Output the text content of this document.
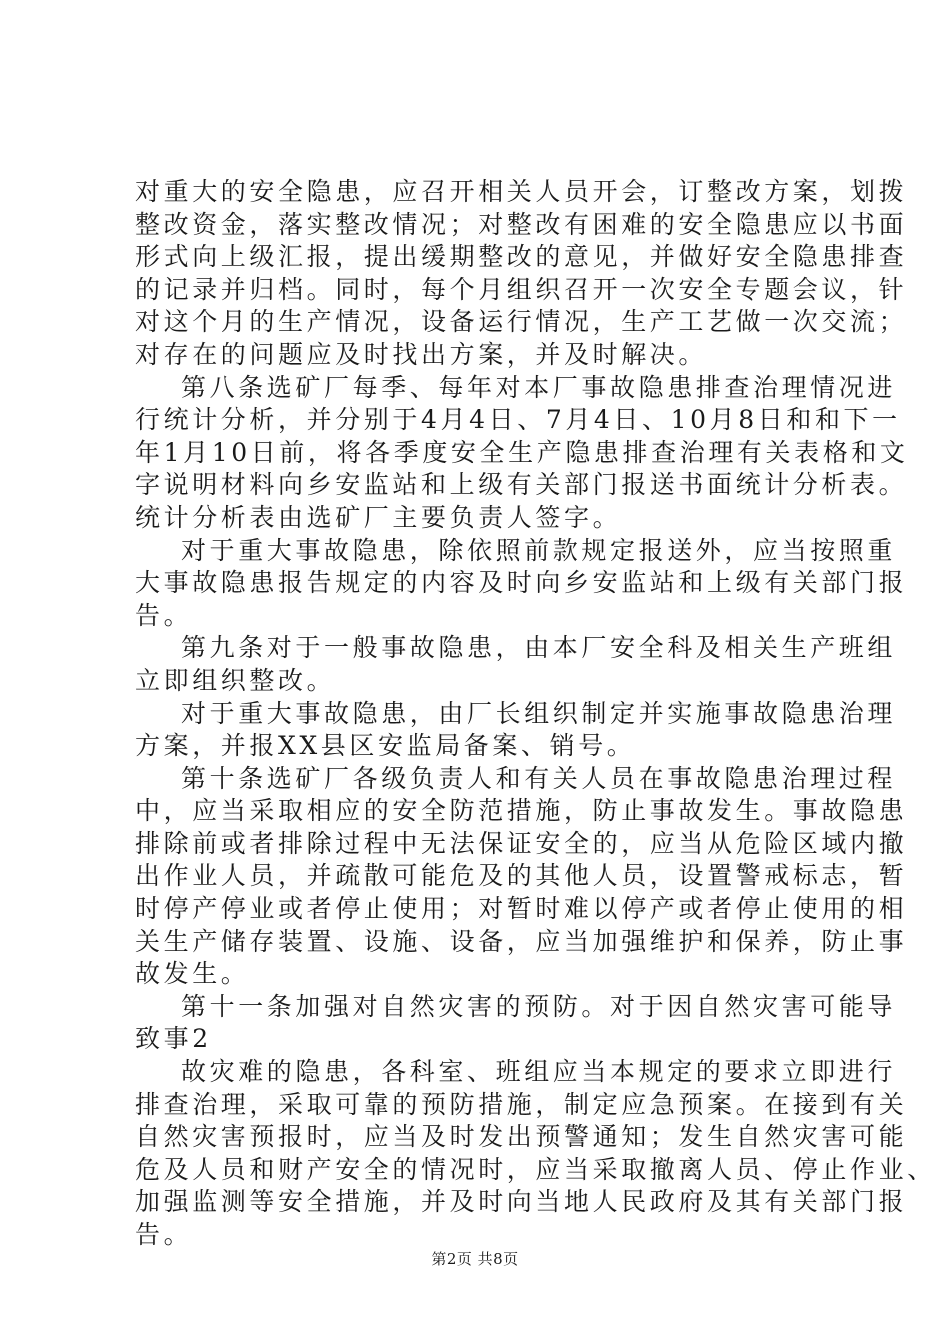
对重大的安全隐患，应召开相关人员开会，订整改方案，划拨
整改资金，落实整改情况；对整改有困难的安全隐患应以书面
形式向上级汇报，提出缓期整改的意见，并做好安全隐患排查
的记录并归档。同时，每个月组织召开一次安全专题会议，针
对这个月的生产情况，设备运行情况，生产工艺做一次交流；
对存在的问题应及时找出方案，并及时解决。
第八条选矿厂每季、每年对本厂事故隐患排查治理情况进
行统计分析，并分别于4月4日、7月4日、10月8日和和下一
年1月10日前，将各季度安全生产隐患排查治理有关表格和文
字说明材料向乡安监站和上级有关部门报送书面统计分析表。
统计分析表由选矿厂主要负责人签字。
对于重大事故隐患，除依照前款规定报送外，应当按照重
大事故隐患报告规定的内容及时向乡安监站和上级有关部门报
告。
第九条对于一般事故隐患，由本厂安全科及相关生产班组
立即组织整改。
对于重大事故隐患，由厂长组织制定并实施事故隐患治理
方案，并报XX县区安监局备案、销号。
第十条选矿厂各级负责人和有关人员在事故隐患治理过程
中，应当采取相应的安全防范措施，防止事故发生。事故隐患
排除前或者排除过程中无法保证安全的，应当从危险区域内撤
出作业人员，并疏散可能危及的其他人员，设置警戒标志，暂
时停产停业或者停止使用；对暂时难以停产或者停止使用的相
关生产储存装置、设施、设备，应当加强维护和保养，防止事
故发生。
第十一条加强对自然灾害的预防。对于因自然灾害可能导
致事2
故灾难的隐患，各科室、班组应当本规定的要求立即进行
排查治理，采取可靠的预防措施，制定应急预案。在接到有关
自然灾害预报时，应当及时发出预警通知；发生自然灾害可能
危及人员和财产安全的情况时，应当采取撤离人员、停止作业、
加强监测等安全措施，并及时向当地人民政府及其有关部门报
告。
第2页 共8页
